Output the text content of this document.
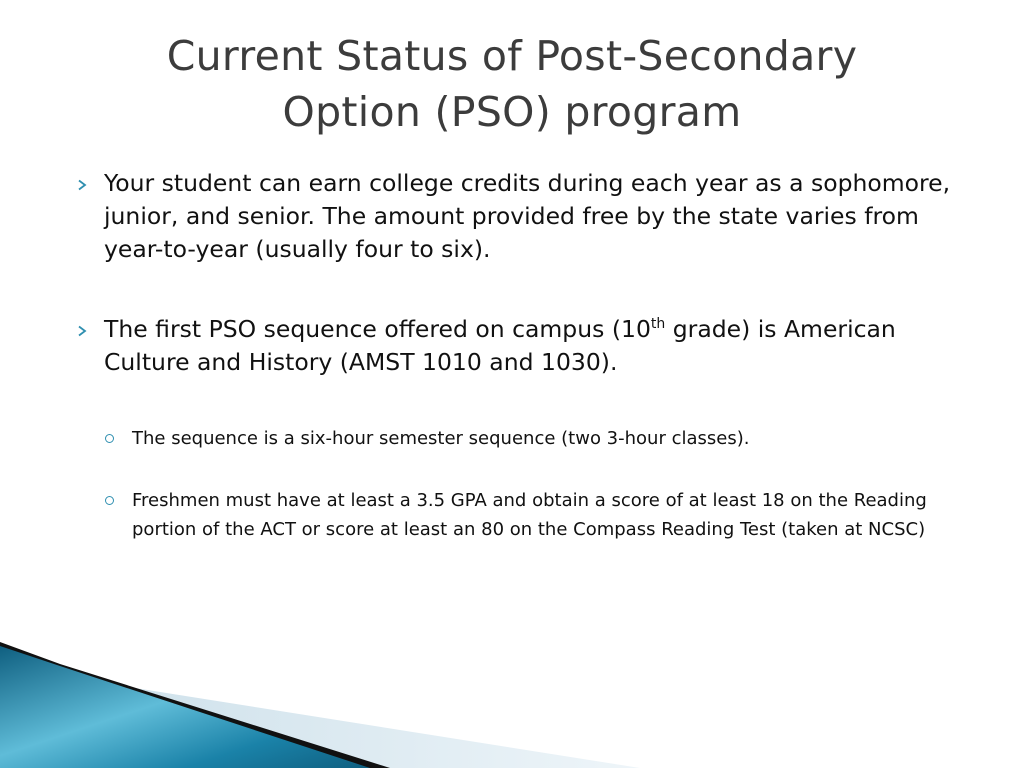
Current Status of Post-Secondary
Option (PSO) program
Your student can earn college credits during each year as a sophomore, junior, and senior. The amount provided free by the state varies from year-to-year (usually four to six).
The first PSO sequence offered on campus (10th grade) is American Culture and History (AMST 1010 and 1030).
The sequence is a six-hour semester sequence (two 3-hour classes).
Freshmen must have at least a 3.5 GPA and obtain a score of at least 18 on the Reading portion of the ACT or score at least an 80 on the Compass Reading Test (taken at NCSC)
